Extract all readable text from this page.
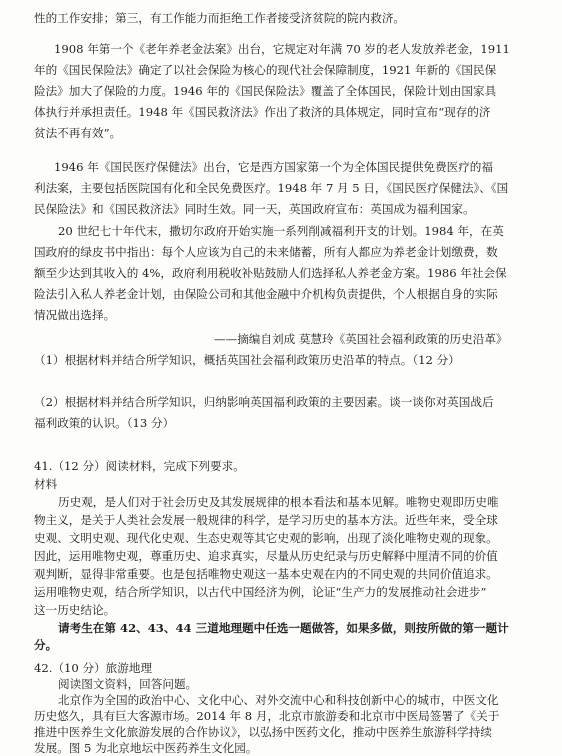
性的工作安排；第三，有工作能力而拒绝工作者接受济贫院的院内救济。
1908 年第一个《老年养老金法案》出台，它规定对年满 70 岁的老人发放养老金，1911
年的《国民保险法》确定了以社会保险为核心的现代社会保障制度，1921 年新的《国民保
险法》加大了保险的力度。1946 年的《国民保险法》覆盖了全体国民，保险计划由国家具
体执行并承担责任。1948 年《国民救济法》作出了救济的具体规定，同时宣布“现存的济
贫法不再有效”。
1946 年《国民医疗保健法》出台，它是西方国家第一个为全体国民提供免费医疗的福
利法案，主要包括医院国有化和全民免费医疗。1948 年 7 月 5 日，《国民医疗保健法》、《国
民保险法》和《国民救济法》同时生效。同一天，英国政府宣布：英国成为福利国家。
20 世纪七十年代末，撒切尔政府开始实施一系列削减福利开支的计划。1984 年，在英
国政府的绿皮书中指出：每个人应该为自己的未来储蓄，所有人都应为养老金计划缴费，数
额至少达到其收入的 4%，政府利用税收补贴鼓励人们选择私人养老金方案。1986 年社会保
险法引入私人养老金计划，由保险公司和其他金融中介机构负责提供，个人根据自身的实际
情况做出选择。
——摘编自刘成 莫慧玲《英国社会福利政策的历史沿革》
（1）根据材料并结合所学知识，概括英国社会福利政策历史沿革的特点。（12 分）
（2）根据材料并结合所学知识，归纳影响英国福利政策的主要因素。谈一谈你对英国战后
福利政策的认识。（13 分）
41.（12 分）阅读材料，完成下列要求。
材料
历史观，是人们对于社会历史及其发展规律的根本看法和基本见解。唯物史观即历史唯
物主义，是关于人类社会发展一般规律的科学，是学习历史的基本方法。近些年来，受全球
史观、文明史观、现代化史观、生态史观等其它史观的影响，出现了淡化唯物史观的现象。
因此，运用唯物史观，尊重历史、追求真实，尽量从历史纪录与历史解释中厘清不同的价值
观判断，显得非常重要。也是包括唯物史观这一基本史观在内的不同史观的共同价值追求。
运用唯物史观，结合所学知识，以古代中国经济为例，论证“生产力的发展推动社会进步”
这一历史结论。
请考生在第 42、43、44 三道地理题中任选一题做答，如果多做，则按所做的第一题计
分。
42.（10 分）旅游地理
阅读图文资料，回答问题。
北京作为全国的政治中心、文化中心、对外交流中心和科技创新中心的城市，中医文化
历史悠久，具有巨大客源市场。2014 年 8 月，北京市旅游委和北京市中医局签署了《关于
推进中医养生文化旅游发展的合作协议》，以弘扬中医药文化，推动中医养生旅游科学持续
发展。图 5 为北京地坛中医药养生文化园。
